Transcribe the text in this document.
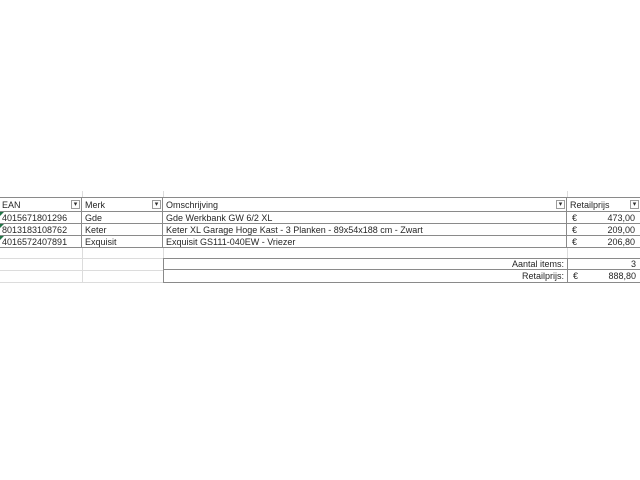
EAN	▾ Merk	▾ Omschrijving	▾ Retailprijs	▾
4015671801296	Gde	Gde Werkbank GW 6/2 XL	€	473,00
8013183108762	Keter	Keter XL Garage Hoge Kast - 3 Planken - 89x54x188 cm - Zwart	€	209,00
4016572407891	Exquisit	Exquisit GS111-040EW - Vriezer	€	206,80
Aantal items:	3
Retailprijs:	€	888,80
